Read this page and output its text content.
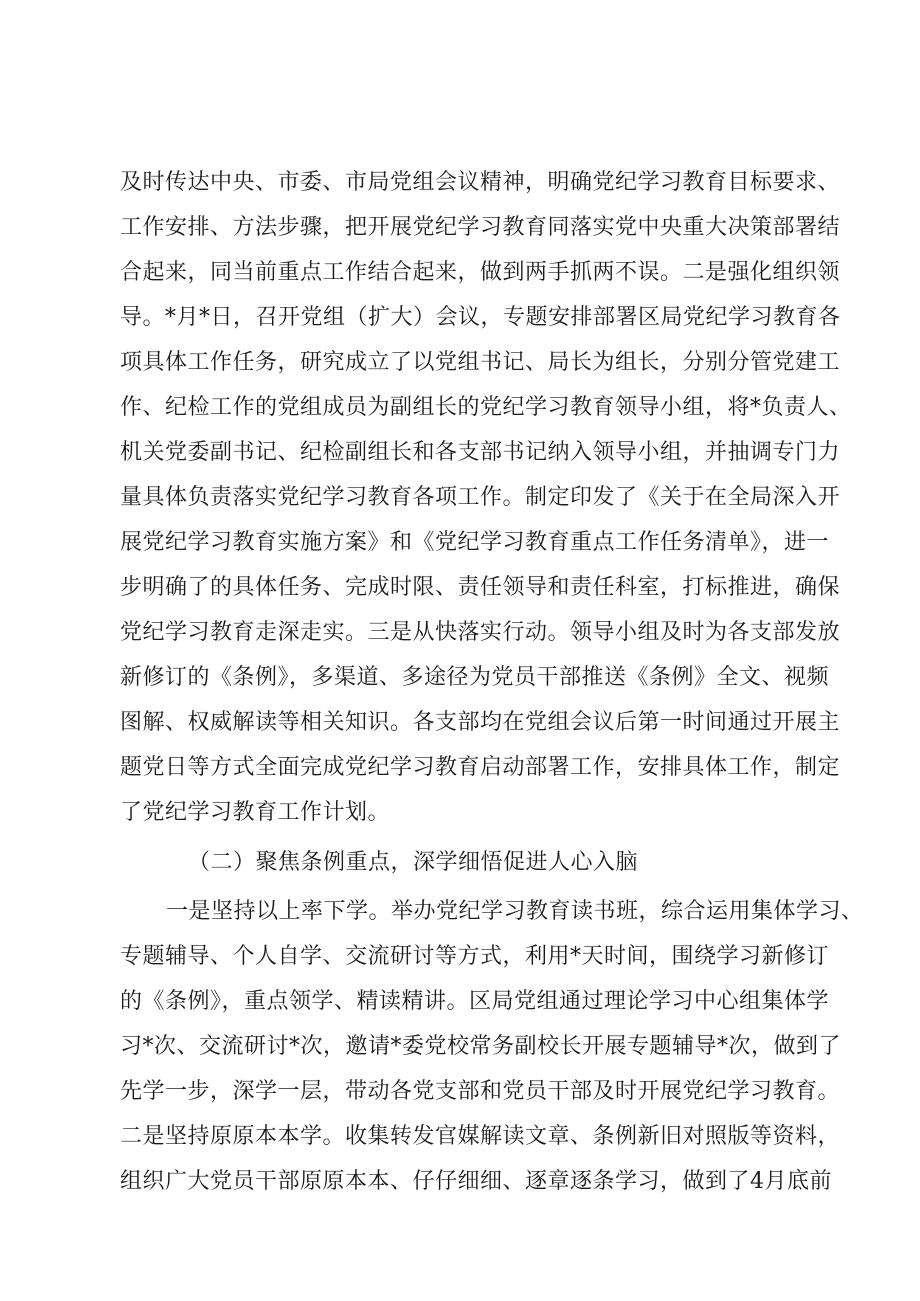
及时传达中央、市委、市局党组会议精神，明确党纪学习教育目标要求、
工作安排、方法步骤，把开展党纪学习教育同落实党中央重大决策部署结
合起来，同当前重点工作结合起来，做到两手抓两不误。二是强化组织领
导。*月*日，召开党组（扩大）会议，专题安排部署区局党纪学习教育各
项具体工作任务，研究成立了以党组书记、局长为组长，分别分管党建工
作、纪检工作的党组成员为副组长的党纪学习教育领导小组，将*负责人、
机关党委副书记、纪检副组长和各支部书记纳入领导小组，并抽调专门力
量具体负责落实党纪学习教育各项工作。制定印发了《关于在全局深入开
展党纪学习教育实施方案》和《党纪学习教育重点工作任务清单》，进一
步明确了的具体任务、完成时限、责任领导和责任科室，打标推进，确保
党纪学习教育走深走实。三是从快落实行动。领导小组及时为各支部发放
新修订的《条例》，多渠道、多途径为党员干部推送《条例》全文、视频
图解、权威解读等相关知识。各支部均在党组会议后第一时间通过开展主
题党日等方式全面完成党纪学习教育启动部署工作，安排具体工作，制定
了党纪学习教育工作计划。
（二）聚焦条例重点，深学细悟促进人心入脑
一是坚持以上率下学。举办党纪学习教育读书班，综合运用集体学习、
专题辅导、个人自学、交流研讨等方式，利用*天时间，围绕学习新修订
的《条例》，重点领学、精读精讲。区局党组通过理论学习中心组集体学
习*次、交流研讨*次，邀请*委党校常务副校长开展专题辅导*次，做到了
先学一步，深学一层，带动各党支部和党员干部及时开展党纪学习教育。
二是坚持原原本本学。收集转发官媒解读文章、条例新旧对照版等资料，
组织广大党员干部原原本本、仔仔细细、逐章逐条学习，做到了4月底前
